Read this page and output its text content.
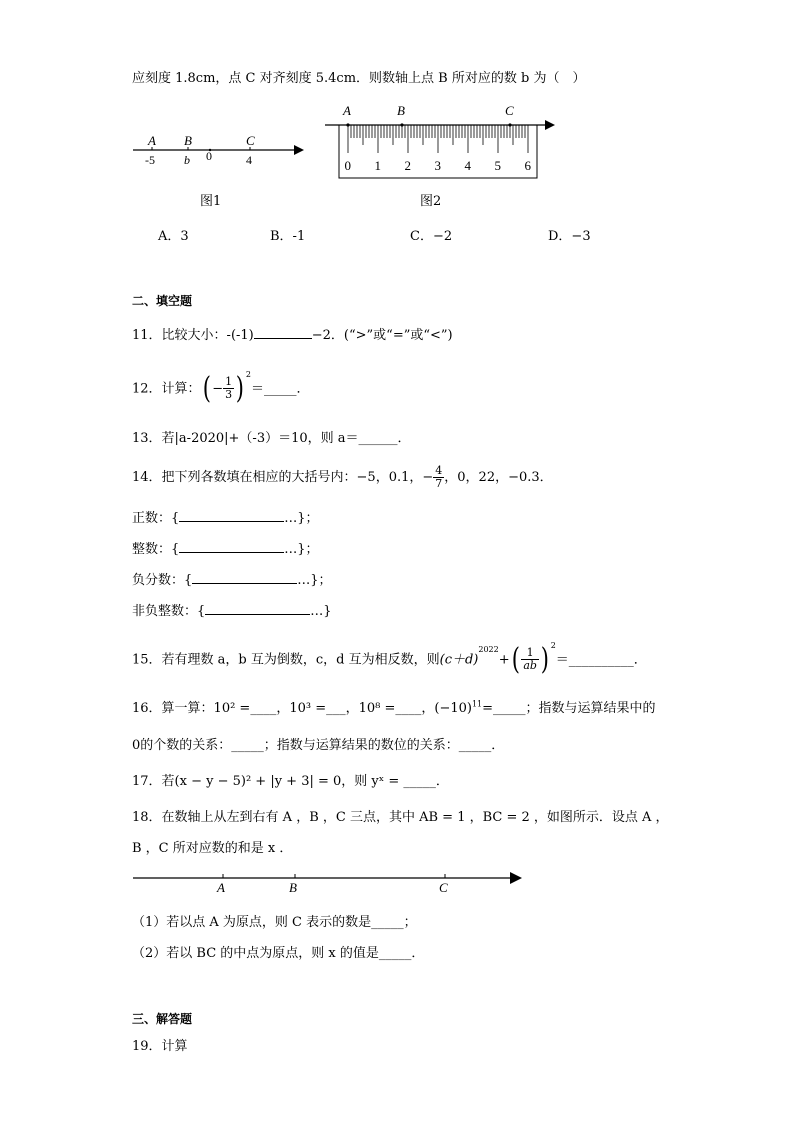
应刻度 1.8cm，点 C 对齐刻度 5.4cm．则数轴上点 B 所对应的数 b 为（　）
A B	C
-5 b 0	4
图1
A	B	C
0 1 2 3 4 5 6
图2
A．3	B．-1	C．−2	D．−3
二、填空题
11．比较大小：-(-1)	−2．(“>”或“=”或“<”)
12．计算：( − $\frac{1}{3}$ ) $^2$＝_____．
13．若|a-2020|+（-3）＝10，则 a＝______．
14．把下列各数填在相应的大括号内：−5，0.1，− $\frac{4}{7}$ ，0，22，−0.3．
正数：{	…}；
整数：{	…}；
负分数：{	…}；
非负整数：{	…}
15．若有理数 a，b 互为倒数，c，d 互为相反数，则$(c+d)^{2022}+( \frac{1}{ab}$ ) $^2$＝__________．
16．算一算：10² =____，10³ =___，10⁸ =____，$(-10)^{11}=\_\_\_\_\_$；指数与运算结果中的
0的个数的关系：_____；指数与运算结果的数位的关系：_____．
17．若(x − y − 5)² + |y + 3| = 0，则 yˣ = _____．
18．在数轴上从左到右有 A ，B ，C 三点，其中 AB = 1 ，BC = 2 ，如图所示．设点 A ，
B ，C 所对应数的和是 x ．
A	B	C
（1）若以点 A 为原点，则 C 表示的数是_____；
（2）若以 BC 的中点为原点，则 x 的值是_____．
三、解答题
19．计算
